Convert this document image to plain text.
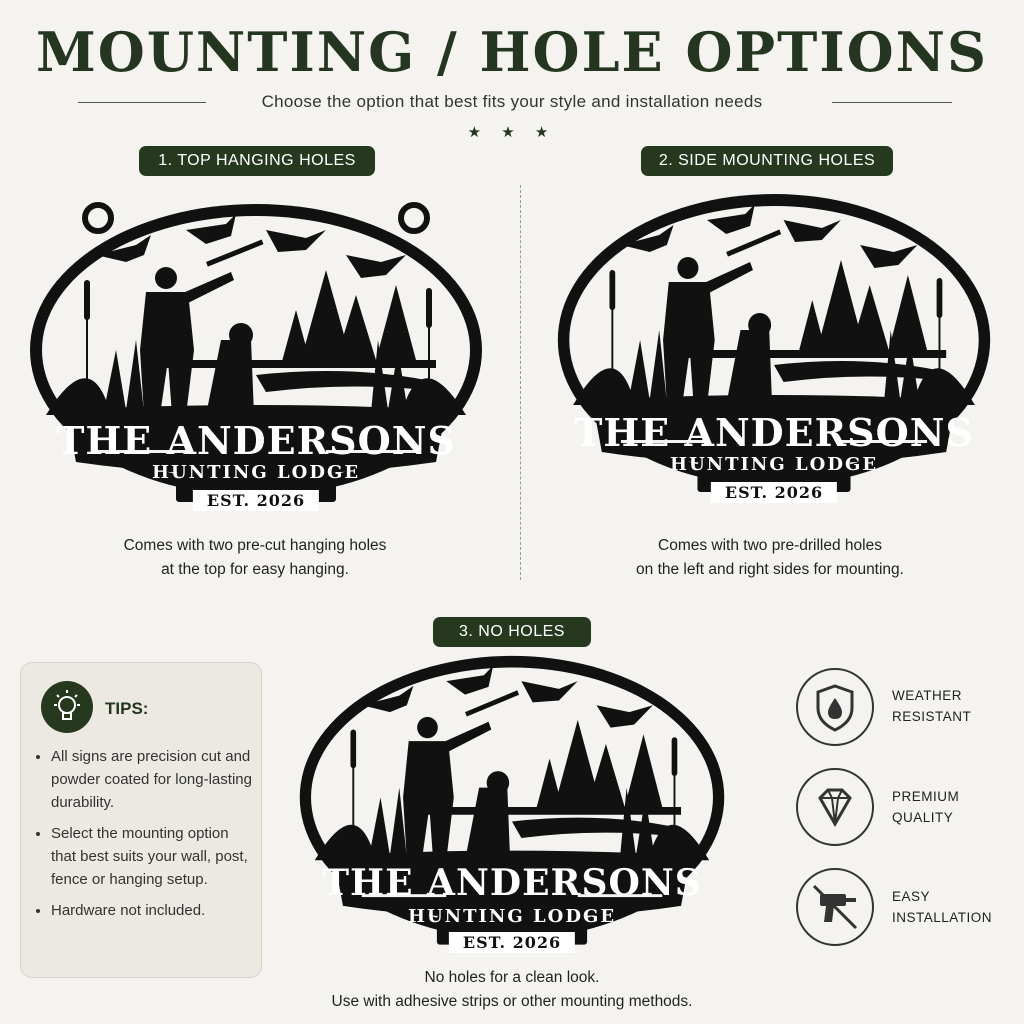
MOUNTING / HOLE OPTIONS
Choose the option that best fits your style and installation needs
★ ★ ★
1. TOP HANGING HOLES	2. SIDE MOUNTING HOLES
3. NO HOLES
THE ANDERSONS
HUNTING LODGE
EST. 2026
THE ANDERSONS
HUNTING LODGE
EST. 2026
THE ANDERSONS
HUNTING LODGE
EST. 2026
Comes with two pre-cut hanging holes
at the top for easy hanging.
Comes with two pre-drilled holes
on the left and right sides for mounting.
No holes for a clean look.
Use with adhesive strips or other mounting methods.
TIPS:
• All signs are precision cut and powder coated for long-lasting durability.
• Select the mounting option that best suits your wall, post, fence or hanging setup.
• Hardware not included.
WEATHER
RESISTANT
PREMIUM
QUALITY
EASY
INSTALLATION
